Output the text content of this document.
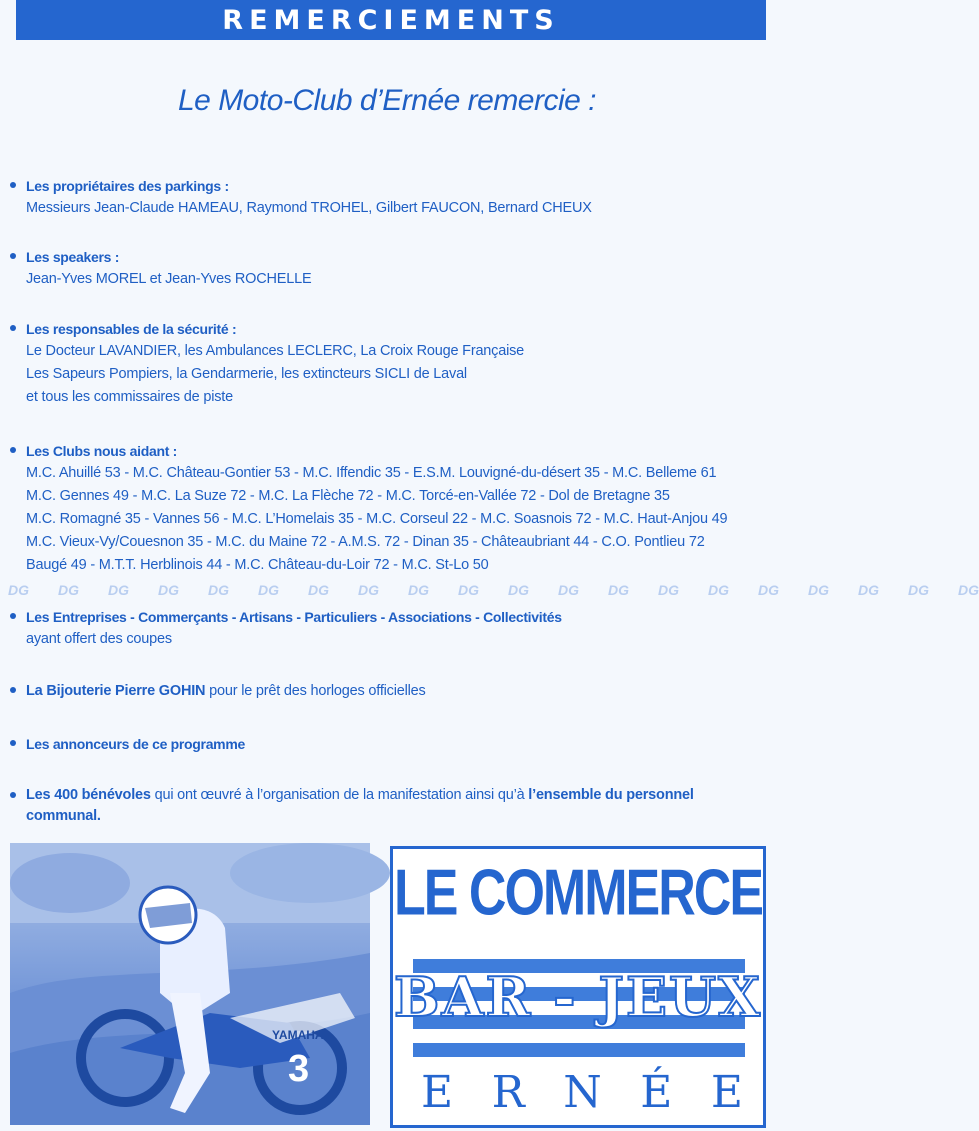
REMERCIEMENTS
Le Moto-Club d’Ernée remercie :
Les propriétaires des parkings :
Messieurs Jean-Claude HAMEAU, Raymond TROHEL, Gilbert FAUCON, Bernard CHEUX
Les speakers :
Jean-Yves MOREL et Jean-Yves ROCHELLE
Les responsables de la sécurité :
Le Docteur LAVANDIER, les Ambulances LECLERC, La Croix Rouge Française
Les Sapeurs Pompiers, la Gendarmerie, les extincteurs SICLI de Laval
et tous les commissaires de piste
Les Clubs nous aidant :
M.C. Ahuillé 53 - M.C. Château-Gontier 53 - M.C. Iffendic 35 - E.S.M. Louvigné-du-désert 35 - M.C. Belleme 61
M.C. Gennes 49 - M.C. La Suze 72 - M.C. La Flèche 72 - M.C. Torcé-en-Vallée 72 - Dol de Bretagne 35
M.C. Romagné 35 - Vannes 56 - M.C. L’Homelais 35 - M.C. Corseul 22 - M.C. Soasnois 72 - M.C. Haut-Anjou 49
M.C. Vieux-Vy/Couesnon 35 - M.C. du Maine 72 - A.M.S. 72 - Dinan 35 - Châteaubriant 44 - C.O. Pontlieu 72
Baugé 49 - M.T.T. Herblinois 44 - M.C. Château-du-Loir 72 - M.C. St-Lo 50
DG DG DG DG DG DG DG DG DG DG DG DG DG DG DG DG DG DG DG DG
Les Entreprises - Commerçants - Artisans - Particuliers - Associations - Collectivités
ayant offert des coupes
La Bijouterie Pierre GOHIN pour le prêt des horloges officielles
Les annonceurs de ce programme
Les 400 bénévoles qui ont œuvré à l’organisation de la manifestation ainsi qu’à l’ensemble du personnel
communal.
YAMAHA
3
LE COMMERCE
BAR - JEUX
E R N É E
